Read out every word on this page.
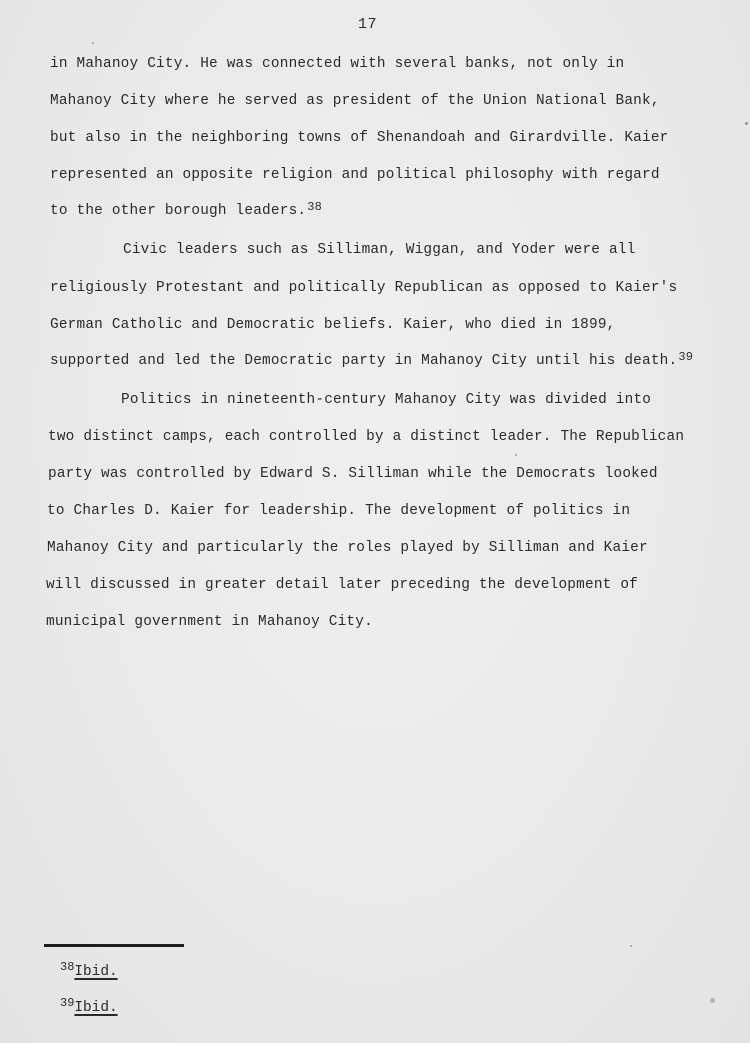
17
in Mahanoy City. He was connected with several banks, not only in
Mahanoy City where he served as president of the Union National Bank,
but also in the neighboring towns of Shenandoah and Girardville. Kaier
represented an opposite religion and political philosophy with regard
to the other borough leaders.$^{38}$
Civic leaders such as Silliman, Wiggan, and Yoder were all
religiously Protestant and politically Republican as opposed to Kaier's
German Catholic and Democratic beliefs. Kaier, who died in 1899,
supported and led the Democratic party in Mahanoy City until his death.$^{39}$
Politics in nineteenth-century Mahanoy City was divided into
two distinct camps, each controlled by a distinct leader. The Republican
party was controlled by Edward S. Silliman while the Democrats looked
to Charles D. Kaier for leadership. The development of politics in
Mahanoy City and particularly the roles played by Silliman and Kaier
will discussed in greater detail later preceding the development of
municipal government in Mahanoy City.
$^{38}$Ibid.
$^{39}$Ibid.
